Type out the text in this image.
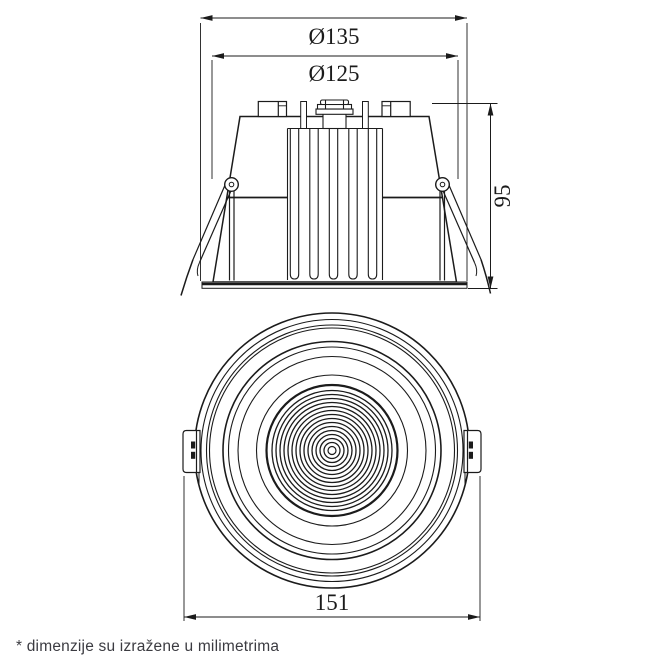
Ø135
Ø125
95
151
* dimenzije su izražene u milimetrima
